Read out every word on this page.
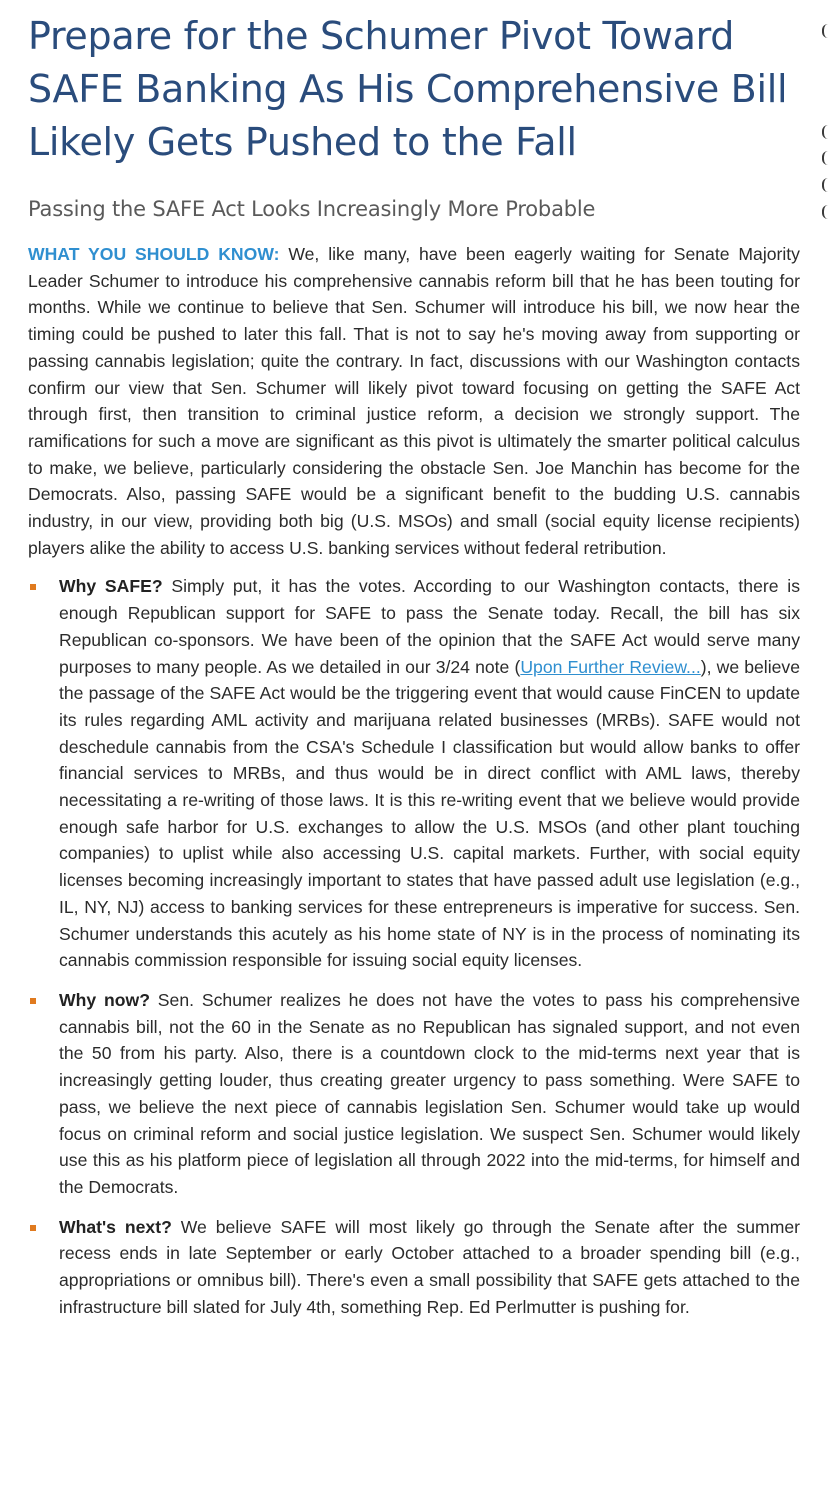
Prepare for the Schumer Pivot Toward SAFE Banking As His Comprehensive Bill Likely Gets Pushed to the Fall

Passing the SAFE Act Looks Increasingly More Probable

WHAT YOU SHOULD KNOW: We, like many, have been eagerly waiting for Senate Majority Leader Schumer to introduce his comprehensive cannabis reform bill that he has been touting for months. While we continue to believe that Sen. Schumer will introduce his bill, we now hear the timing could be pushed to later this fall. That is not to say he's moving away from supporting or passing cannabis legislation; quite the contrary. In fact, discussions with our Washington contacts confirm our view that Sen. Schumer will likely pivot toward focusing on getting the SAFE Act through first, then transition to criminal justice reform, a decision we strongly support. The ramifications for such a move are significant as this pivot is ultimately the smarter political calculus to make, we believe, particularly considering the obstacle Sen. Joe Manchin has become for the Democrats. Also, passing SAFE would be a significant benefit to the budding U.S. cannabis industry, in our view, providing both big (U.S. MSOs) and small (social equity license recipients) players alike the ability to access U.S. banking services without federal retribution.

Why SAFE? Simply put, it has the votes. According to our Washington contacts, there is enough Republican support for SAFE to pass the Senate today. Recall, the bill has six Republican co-sponsors. We have been of the opinion that the SAFE Act would serve many purposes to many people. As we detailed in our 3/24 note (Upon Further Review...), we believe the passage of the SAFE Act would be the triggering event that would cause FinCEN to update its rules regarding AML activity and marijuana related businesses (MRBs). SAFE would not deschedule cannabis from the CSA's Schedule I classification but would allow banks to offer financial services to MRBs, and thus would be in direct conflict with AML laws, thereby necessitating a re-writing of those laws. It is this re-writing event that we believe would provide enough safe harbor for U.S. exchanges to allow the U.S. MSOs (and other plant touching companies) to uplist while also accessing U.S. capital markets. Further, with social equity licenses becoming increasingly important to states that have passed adult use legislation (e.g., IL, NY, NJ) access to banking services for these entrepreneurs is imperative for success. Sen. Schumer understands this acutely as his home state of NY is in the process of nominating its cannabis commission responsible for issuing social equity licenses.
Why now? Sen. Schumer realizes he does not have the votes to pass his comprehensive cannabis bill, not the 60 in the Senate as no Republican has signaled support, and not even the 50 from his party. Also, there is a countdown clock to the mid-terms next year that is increasingly getting louder, thus creating greater urgency to pass something. Were SAFE to pass, we believe the next piece of cannabis legislation Sen. Schumer would take up would focus on criminal reform and social justice legislation. We suspect Sen. Schumer would likely use this as his platform piece of legislation all through 2022 into the mid-terms, for himself and the Democrats.
What's next? We believe SAFE will most likely go through the Senate after the summer recess ends in late September or early October attached to a broader spending bill (e.g., appropriations or omnibus bill). There's even a small possibility that SAFE gets attached to the infrastructure bill slated for July 4th, something Rep. Ed Perlmutter is pushing for.
